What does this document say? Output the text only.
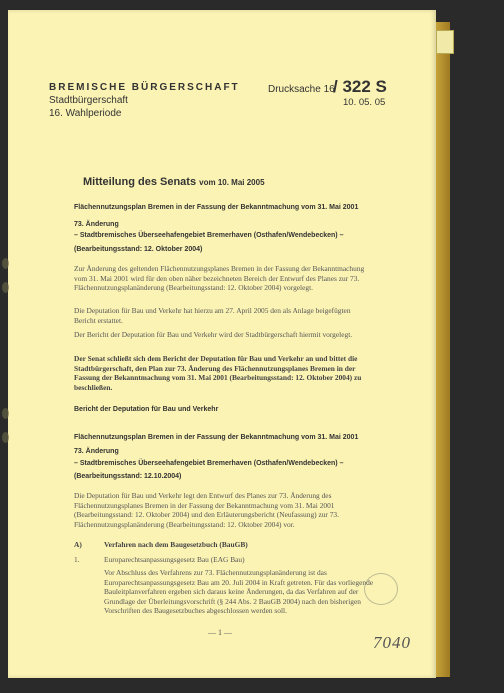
BREMISCHE BÜRGERSCHAFT
Stadtbürgerschaft
16. Wahlperiode
Drucksache 16
/ 322 S
10. 05. 05
Mitteilung des Senats vom 10. Mai 2005
Flächennutzungsplan Bremen in der Fassung der Bekanntmachung vom 31. Mai 2001
73. Änderung
– Stadtbremisches Überseehafengebiet Bremerhaven (Osthafen/Wendebecken) –
(Bearbeitungsstand: 12. Oktober 2004)
Zur Änderung des geltenden Flächennutzungsplanes Bremen in der Fassung der Bekanntmachung vom 31. Mai 2001 wird für den oben näher bezeichneten Bereich der Entwurf des Planes zur 73. Flächennutzungsplanänderung (Bearbeitungsstand: 12. Oktober 2004) vorgelegt.
Die Deputation für Bau und Verkehr hat hierzu am 27. April 2005 den als Anlage beigefügten Bericht erstattet.
Der Bericht der Deputation für Bau und Verkehr wird der Stadtbürgerschaft hiermit vorgelegt.
Der Senat schließt sich dem Bericht der Deputation für Bau und Verkehr an und bittet die Stadtbürgerschaft, den Plan zur 73. Änderung des Flächennutzungsplanes Bremen in der Fassung der Bekanntmachung vom 31. Mai 2001 (Bearbeitungsstand: 12. Oktober 2004) zu beschließen.
Bericht der Deputation für Bau und Verkehr
Flächennutzungsplan Bremen in der Fassung der Bekanntmachung vom 31. Mai 2001
73. Änderung
– Stadtbremisches Überseehafengebiet Bremerhaven (Osthafen/Wendebecken) –
(Bearbeitungsstand: 12.10.2004)
Die Deputation für Bau und Verkehr legt den Entwurf des Planes zur 73. Änderung des Flächennutzungsplanes Bremen in der Fassung der Bekanntmachung vom 31. Mai 2001 (Bearbeitungsstand: 12. Oktober 2004) und den Erläuterungsbericht (Neufassung) zur 73. Flächennutzungsplanänderung (Bearbeitungsstand: 12. Oktober 2004) vor.
A)	Verfahren nach dem Baugesetzbuch (BauGB)
1.	Europarechtsanpassungsgesetz Bau (EAG Bau)
Vor Abschluss des Verfahrens zur 73. Flächennutzungsplanänderung ist das Europarechtsanpassungsgesetz Bau am 20. Juli 2004 in Kraft getreten. Für das vorliegende Bauleitplanverfahren ergeben sich daraus keine Änderungen, da das Verfahren auf der Grundlage der Überleitungsvorschrift (§ 244 Abs. 2 BauGB 2004) nach den bisherigen Vorschriften des Baugesetzbuches abgeschlossen werden soll.
— 1 —
7040
